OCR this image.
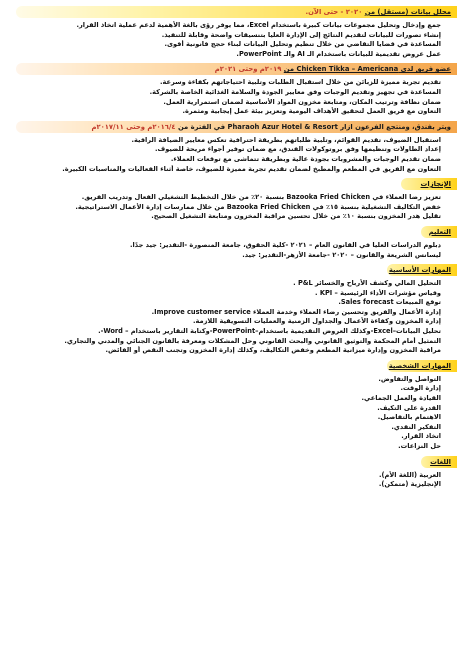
محلل بيانات (مستقل) من ٢٠٢٠ - حتى الآن.
● جمع وإدخال وتحليل مجموعات بيانات كبيرة باستخدام Excel، مما يوفر رؤى بالغة الأهمية لدعم عملية اتخاذ القرار.
● إنشاء تصورات للبيانات لتقديم النتائج إلى الإدارة العليا بتنسيقات واضحة وقابلة للتنفيذ.
● المساعدة في قضايا التقاضي من خلال تنظيم وتحليل البيانات لبناء حجج قانونية أقوى.
● عمل عروض تقديمية للبيانات باستخدام الـ AI والـ PowerPoint.
عضو فريق لدى Chicken Tikka – Americana من ٢٠١٩م وحتى ٢٠٢١م
● تقديم تجربة مميزة للزبائن من خلال استقبال الطلبات وتلبية احتياجاتهم بكفاءة وسرعة.
● المساعدة في تجهيز وتقديم الوجبات وفق معايير الجودة والسلامة الغذائية الخاصة بالشركة.
● ضمان نظافة وترتيب المكان، ومتابعة مخزون المواد الأساسية لضمان استمرارية العمل.
● التعاون مع فريق العمل لتحقيق الأهداف اليومية وتعزيز بيئة عمل إيجابية ومثمرة.
ويتر بفندق، ومنتجع الفرعون ازار Pharaoh Azur Hotel & Resort في الفترة من ٢٠١٦/٤م وحتى ٢٠١٧/١١م
● استقبال الضيوف، تقديم القوائم، وتلبية طلباتهم بطريقة احترافية تعكس معايير الضيافة الراقية.
● إعداد الطاولات وتنظيمها وفق بروتوكولات الفندق، مع ضمان توفير أجواء مريحة للضيوف.
● ضمان تقديم الوجبات والمشروبات بجودة عالية وبطريقة تتماشى مع توقعات العملاء.
● التعاون مع الفريق في المطعم والمطبخ لضمان تقديم تجربة مميزة للضيوف، خاصة أثناء الفعاليات والمناسبات الكبيرة.
الإنجازات
● تعزيز رضا العملاء في Bazooka Fried Chicken بنسبة ٢٠٪ من خلال التخطيط التشغيلي الفعال وتدريب الفريق.
● خفض التكاليف التشغيلية بنسبة ١٥٪ في Bazooka Fried Chicken من خلال ممارسات إدارة الأعمال الاستراتيجية.
● تقليل هدر المخزون بنسبة ١٠٪ من خلال تحسين مراقبة المخزون ومتابعة التشغيل الصحيح.
التعليم
● دبلوم الدراسات العليا في القانون العام – ٢٠٢١ -كلية الحقوق، جامعة المنصورة -التقدير: جيد جدًا.
● ليسانس الشريعة والقانون – ٢٠٢٠ -جامعة الأزهر-التقدير: جيد.
المهارات الأساسية
● التحليل المالي وكشف الأرباح والخسائر P&L .
● وقياس مؤشرات الأداء الرئيسية – KPI .
● توقع المبيعات Sales forecast.
● إدارة الأعمال والفريق وتحسين رضاء العملاء وخدمة العملاء Improve customer service.
● إدارة المخزون وكفاءة الأعمال والجداول الزمنية والعمليات التسويقية اللازمة.
● تحليل البيانات–Excel-وكذلك العروض التقديمية باستخدام–PowerPoint-وكتابة التقارير باستخدام – Word-.
● التمثيل أمام المحكمة والتوثيق القانوني والبحث القانوني وحل المشكلات ومعرفة بالقانون الجنائي والمدني والتجاري.
● مراقبة المخزون وإدارة ميزانية المطعم وخفض التكاليف، وكذلك إدارة المخزون وتجنب النقص أو الفائض.
المهارات الشخصية
● التواصل والتفاوض.
● إدارة الوقت.
● القيادة والعمل الجماعي.
● القدرة على التكيف.
● الاهتمام بالتفاصيل.
● التفكير النقدي.
● اتخاذ القرار.
● حل النزاعات.
اللغات
● العربية (اللغة الأم).
● الإنجليزية (متمكن).
